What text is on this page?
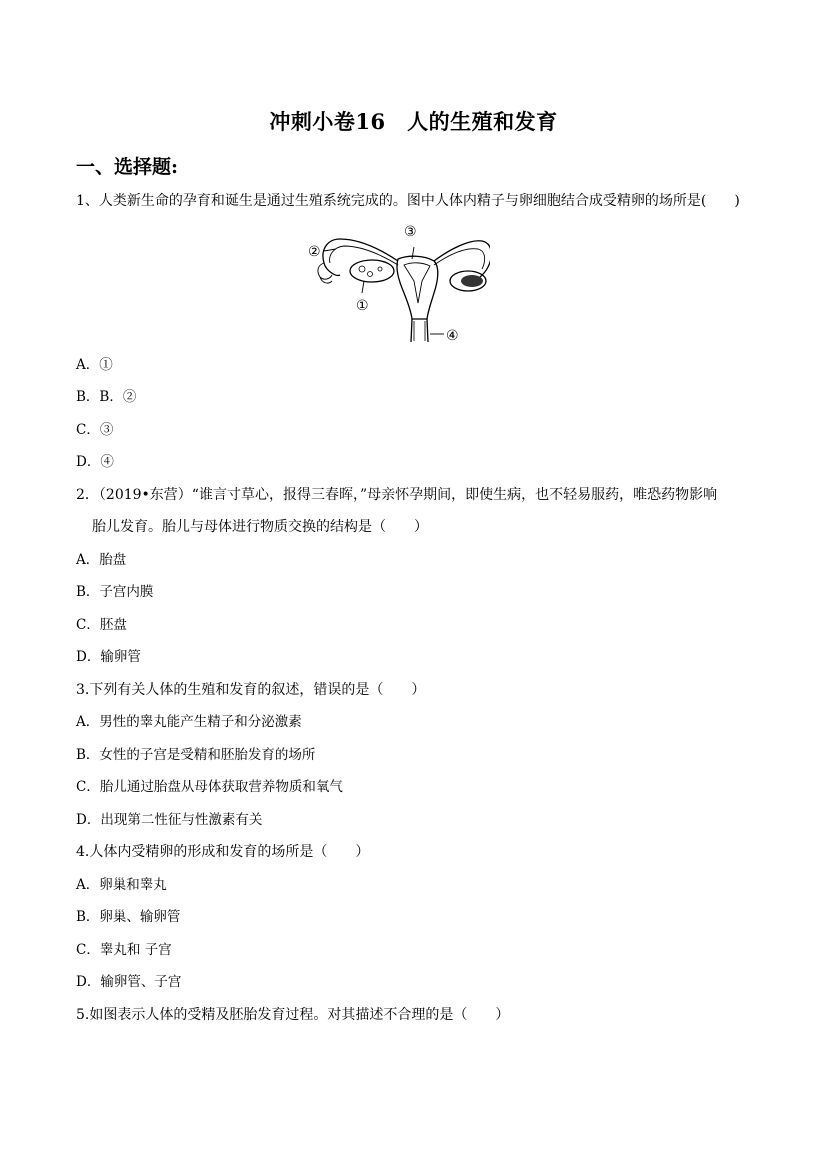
冲刺小卷16　人的生殖和发育
一、选择题:
1、人类新生命的孕育和诞生是通过生殖系统完成的。图中人体内精子与卵细胞结合成受精卵的场所是(　　)
③
②
①
④
A．①
B．B．②
C．③
D．④
2．（2019•东营）“谁言寸草心，报得三春晖，”母亲怀孕期间，即使生病，也不轻易服药，唯恐药物影响
胎儿发育。胎儿与母体进行物质交换的结构是（　　）
A．胎盘
B．子宫内膜
C．胚盘
D．输卵管
3.下列有关人体的生殖和发育的叙述，错误的是（　　）
A．男性的睾丸能产生精子和分泌激素
B．女性的子宫是受精和胚胎发育的场所
C．胎儿通过胎盘从母体获取营养物质和氧气
D．出现第二性征与性激素有关
4.人体内受精卵的形成和发育的场所是（　　）
A．卵巢和睾丸
B．卵巢、输卵管
C．睾丸和 子宫
D．输卵管、子宫
5.如图表示人体的受精及胚胎发育过程。对其描述不合理的是（　　）
